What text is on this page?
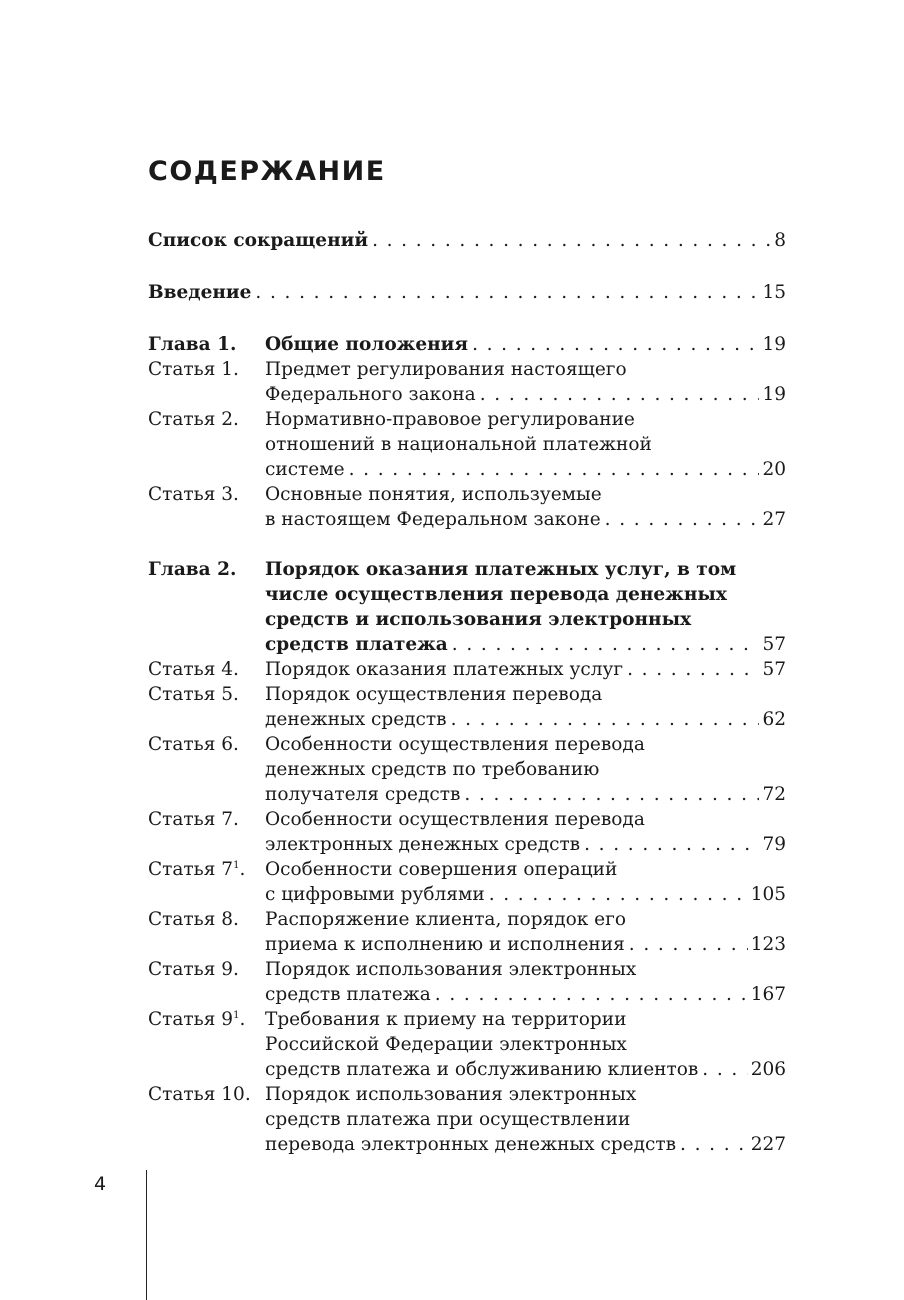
СОДЕРЖАНИЕ
Список сокращений . . .	8
Введение . . .	15
Глава 1.	Общие положения . . .	19
Статья 1.	Предмет регулирования настоящего
Федерального закона . . .	19
Статья 2.	Нормативно-правовое регулирование
отношений в национальной платежной
системе . . .	20
Статья 3.	Основные понятия, используемые
в настоящем Федеральном законе . . .	27
Глава 2.	Порядок оказания платежных услуг, в том
числе осуществления перевода денежных
средств и использования электронных
средств платежа . . .	57
Статья 4.	Порядок оказания платежных услуг . . .	57
Статья 5.	Порядок осуществления перевода
денежных средств . . .	62
Статья 6.	Особенности осуществления перевода
денежных средств по требованию
получателя средств . . .	72
Статья 7.	Особенности осуществления перевода
электронных денежных средств . . .	79
Статья $7^1$.	Особенности совершения операций
с цифровыми рублями . . .	105
Статья 8.	Распоряжение клиента, порядок его
приема к исполнению и исполнения . . .	123
Статья 9.	Порядок использования электронных
средств платежа . . .	167
Статья $9^1$.	Требования к приему на территории
Российской Федерации электронных
средств платежа и обслуживанию клиентов . . .	206
Статья 10. Порядок использования электронных
средств платежа при осуществлении
перевода электронных денежных средств . . .	227
4
